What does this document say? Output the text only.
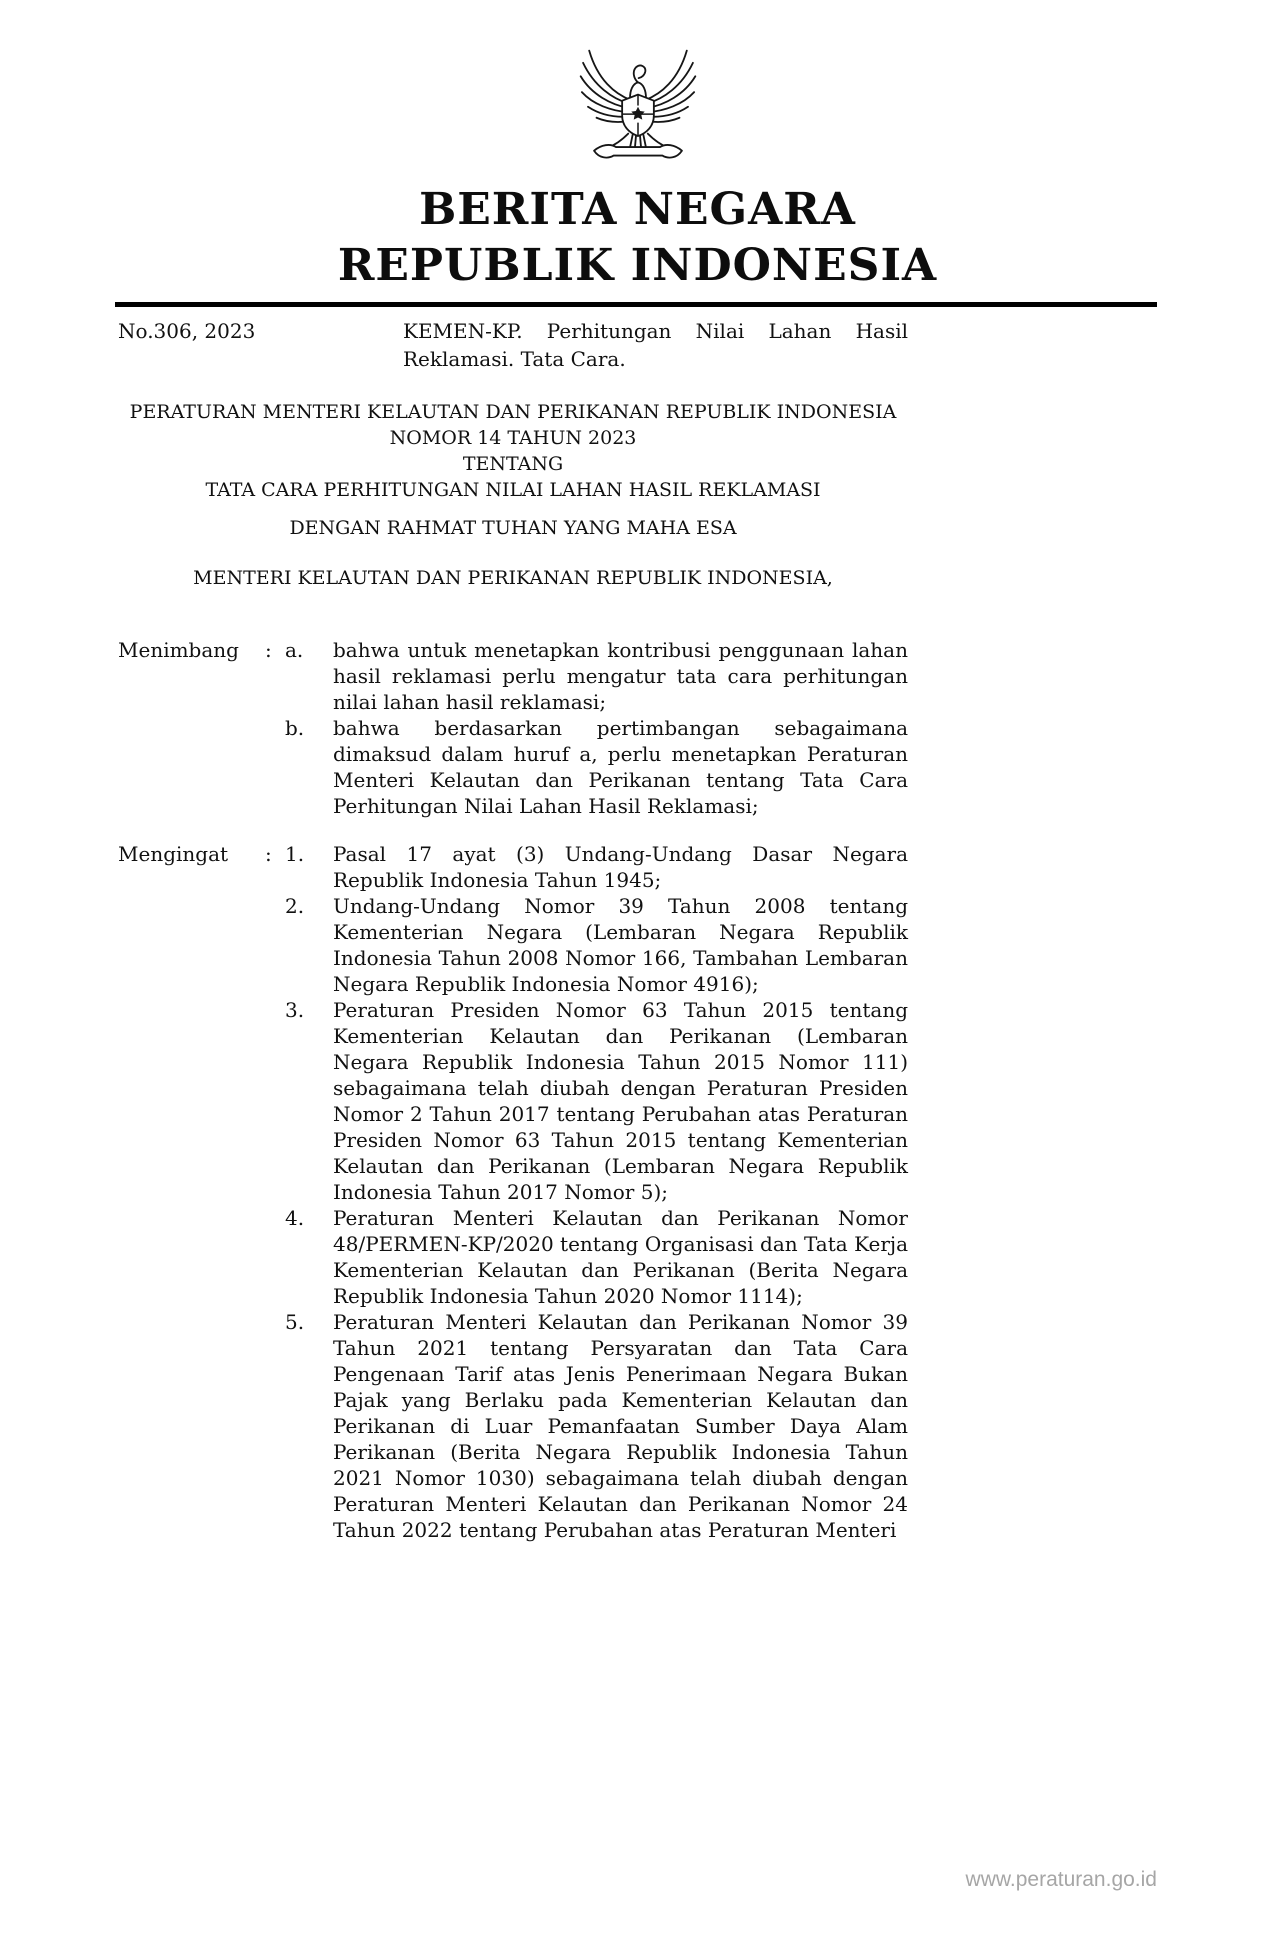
BERITA NEGARA
REPUBLIK INDONESIA
No.306, 2023	KEMEN-KP. Perhitungan Nilai Lahan Hasil Reklamasi. Tata Cara.
PERATURAN MENTERI KELAUTAN DAN PERIKANAN REPUBLIK INDONESIA
NOMOR 14 TAHUN 2023
TENTANG
TATA CARA PERHITUNGAN NILAI LAHAN HASIL REKLAMASI
DENGAN RAHMAT TUHAN YANG MAHA ESA
MENTERI KELAUTAN DAN PERIKANAN REPUBLIK INDONESIA,
Menimbang	: a.	bahwa untuk menetapkan kontribusi penggunaan lahan hasil reklamasi perlu mengatur tata cara perhitungan nilai lahan hasil reklamasi;
b.	bahwa berdasarkan pertimbangan sebagaimana dimaksud dalam huruf a, perlu menetapkan Peraturan Menteri Kelautan dan Perikanan tentang Tata Cara Perhitungan Nilai Lahan Hasil Reklamasi;
Mengingat	: 1.	Pasal 17 ayat (3) Undang-Undang Dasar Negara Republik Indonesia Tahun 1945;
2.	Undang-Undang Nomor 39 Tahun 2008 tentang Kementerian Negara (Lembaran Negara Republik Indonesia Tahun 2008 Nomor 166, Tambahan Lembaran Negara Republik Indonesia Nomor 4916);
3.	Peraturan Presiden Nomor 63 Tahun 2015 tentang Kementerian Kelautan dan Perikanan (Lembaran Negara Republik Indonesia Tahun 2015 Nomor 111) sebagaimana telah diubah dengan Peraturan Presiden Nomor 2 Tahun 2017 tentang Perubahan atas Peraturan Presiden Nomor 63 Tahun 2015 tentang Kementerian Kelautan dan Perikanan (Lembaran Negara Republik Indonesia Tahun 2017 Nomor 5);
4.	Peraturan Menteri Kelautan dan Perikanan Nomor 48/PERMEN-KP/2020 tentang Organisasi dan Tata Kerja Kementerian Kelautan dan Perikanan (Berita Negara Republik Indonesia Tahun 2020 Nomor 1114);
5.	Peraturan Menteri Kelautan dan Perikanan Nomor 39 Tahun 2021 tentang Persyaratan dan Tata Cara Pengenaan Tarif atas Jenis Penerimaan Negara Bukan Pajak yang Berlaku pada Kementerian Kelautan dan Perikanan di Luar Pemanfaatan Sumber Daya Alam Perikanan (Berita Negara Republik Indonesia Tahun 2021 Nomor 1030) sebagaimana telah diubah dengan Peraturan Menteri Kelautan dan Perikanan Nomor 24 Tahun 2022 tentang Perubahan atas Peraturan Menteri
www.peraturan.go.id
